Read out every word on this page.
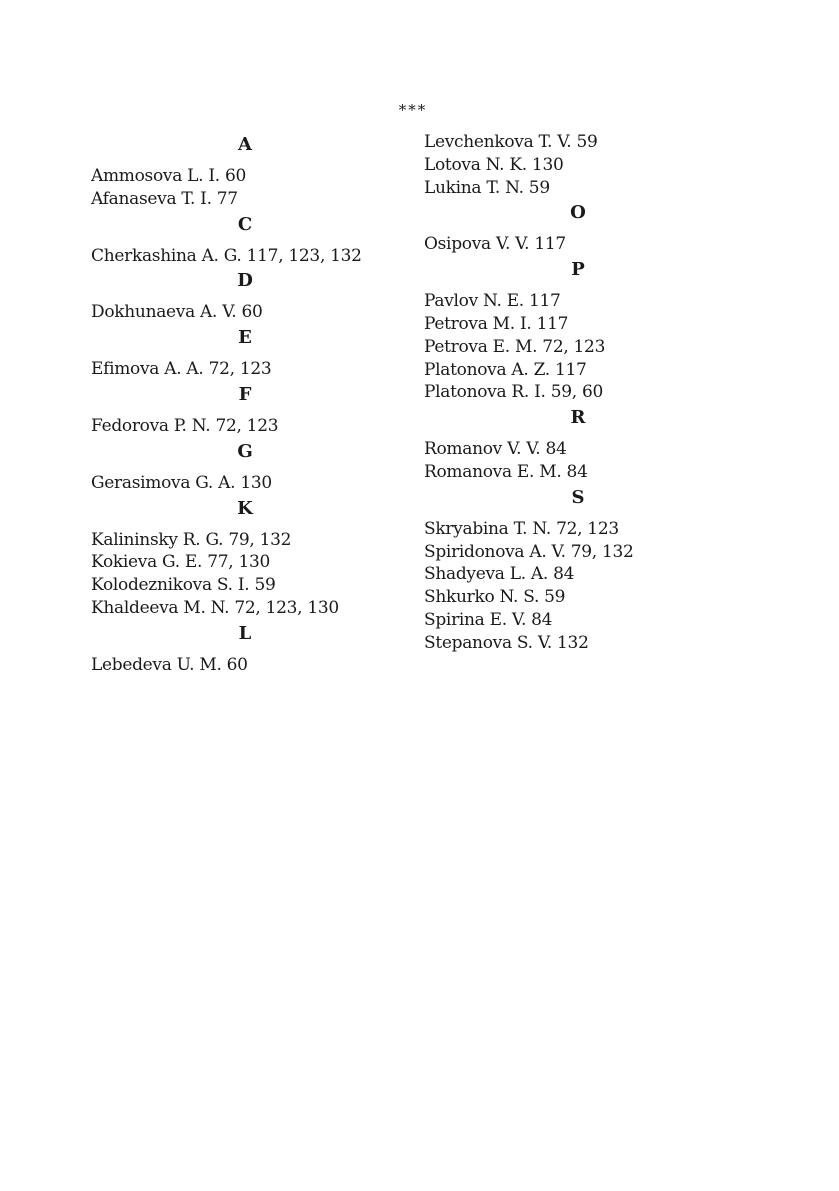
***
A
Ammosova L. I. 60
Afanaseva T. I. 77
C
Cherkashina A. G. 117, 123, 132
D
Dokhunaeva A. V. 60
E
Efimova A. A. 72, 123
F
Fedorova P. N. 72, 123
G
Gerasimova G. A. 130
K
Kalininsky R. G. 79, 132
Kokieva G. E. 77, 130
Kolodeznikova S. I. 59
Khaldeeva M. N. 72, 123, 130
L
Lebedeva U. M. 60
Levchenkova T. V. 59
Lotova N. K. 130
Lukina T. N. 59
O
Osipova V. V. 117
P
Pavlov N. E. 117
Petrova M. I. 117
Petrova E. M. 72, 123
Platonova A. Z. 117
Platonova R. I. 59, 60
R
Romanov V. V. 84
Romanova E. M. 84
S
Skryabina T. N. 72, 123
Spiridonova A. V. 79, 132
Shadyeva L. A. 84
Shkurko N. S. 59
Spirina E. V. 84
Stepanova S. V. 132
